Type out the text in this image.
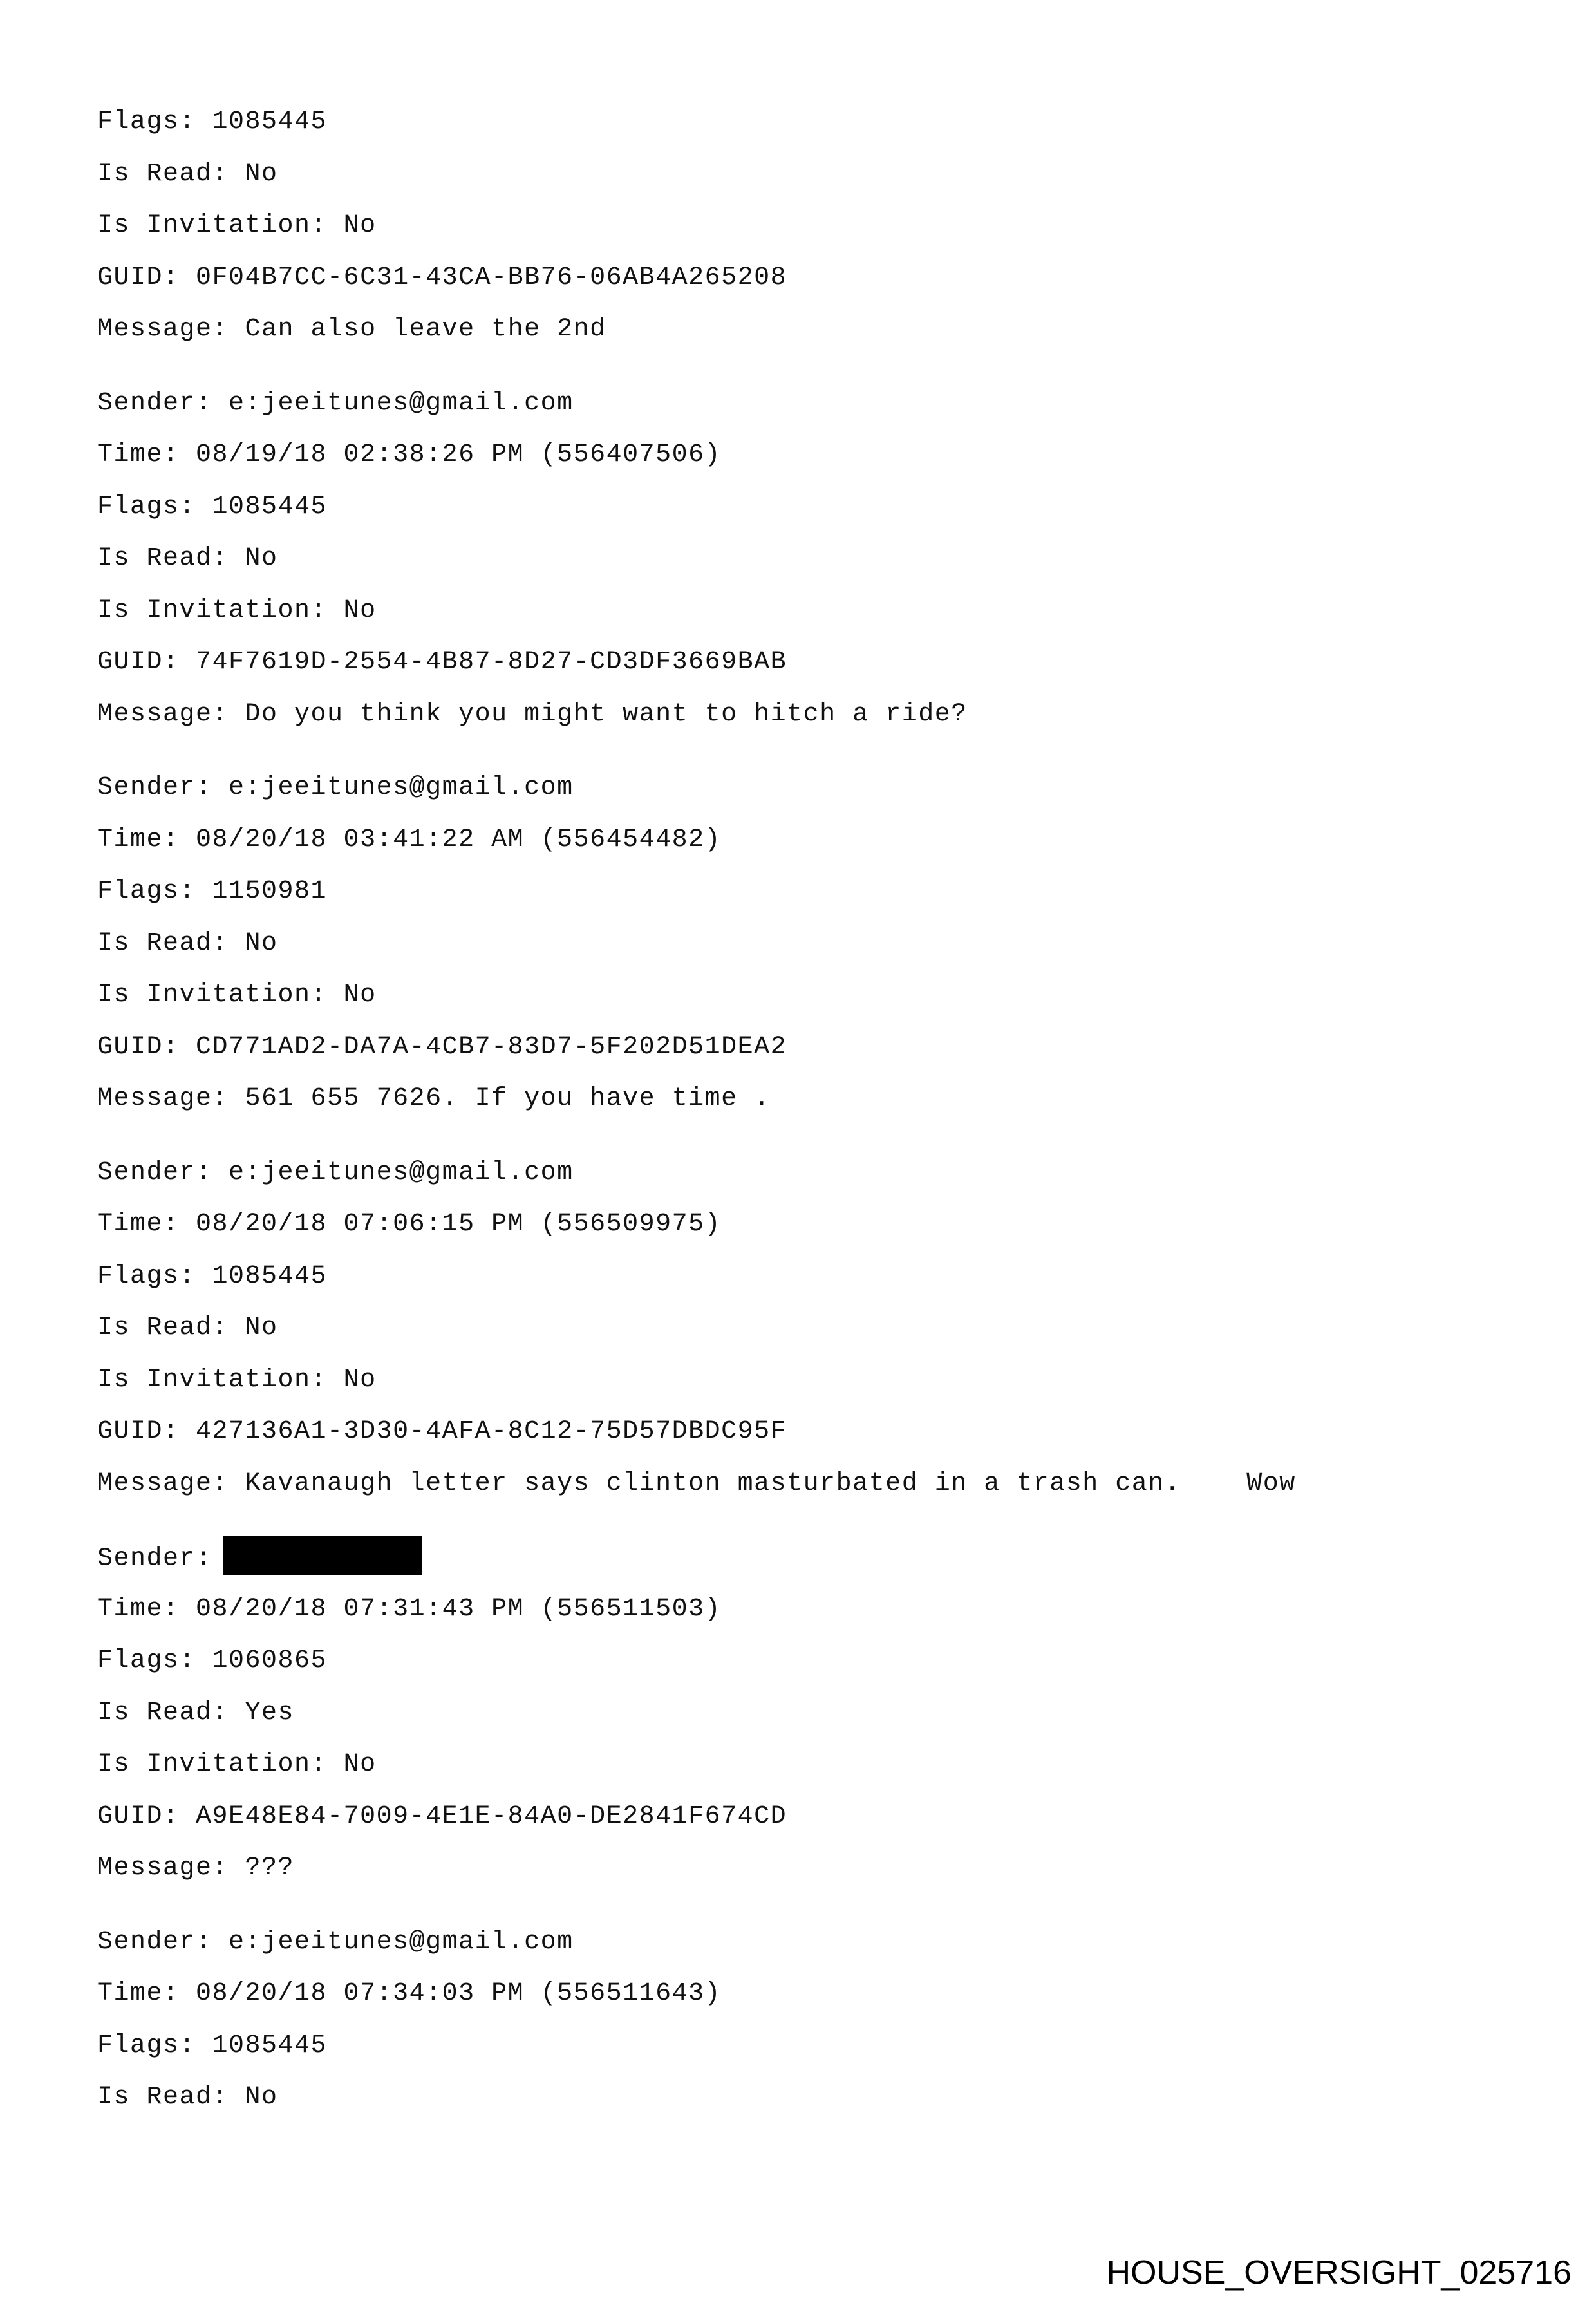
Flags: 1085445
Is Read: No
Is Invitation: No
GUID: 0F04B7CC-6C31-43CA-BB76-06AB4A265208
Message: Can also leave the 2nd
Sender: e:jeeitunes@gmail.com
Time: 08/19/18 02:38:26 PM (556407506)
Flags: 1085445
Is Read: No
Is Invitation: No
GUID: 74F7619D-2554-4B87-8D27-CD3DF3669BAB
Message: Do you think you might want to hitch a ride?
Sender: e:jeeitunes@gmail.com
Time: 08/20/18 03:41:22 AM (556454482)
Flags: 1150981
Is Read: No
Is Invitation: No
GUID: CD771AD2-DA7A-4CB7-83D7-5F202D51DEA2
Message: 561 655 7626. If you have time .
Sender: e:jeeitunes@gmail.com
Time: 08/20/18 07:06:15 PM (556509975)
Flags: 1085445
Is Read: No
Is Invitation: No
GUID: 427136A1-3D30-4AFA-8C12-75D57DBDC95F
Message: Kavanaugh letter says clinton masturbated in a trash can.    Wow
Sender:
Time: 08/20/18 07:31:43 PM (556511503)
Flags: 1060865
Is Read: Yes
Is Invitation: No
GUID: A9E48E84-7009-4E1E-84A0-DE2841F674CD
Message: ???
Sender: e:jeeitunes@gmail.com
Time: 08/20/18 07:34:03 PM (556511643)
Flags: 1085445
Is Read: No
HOUSE_OVERSIGHT_025716
